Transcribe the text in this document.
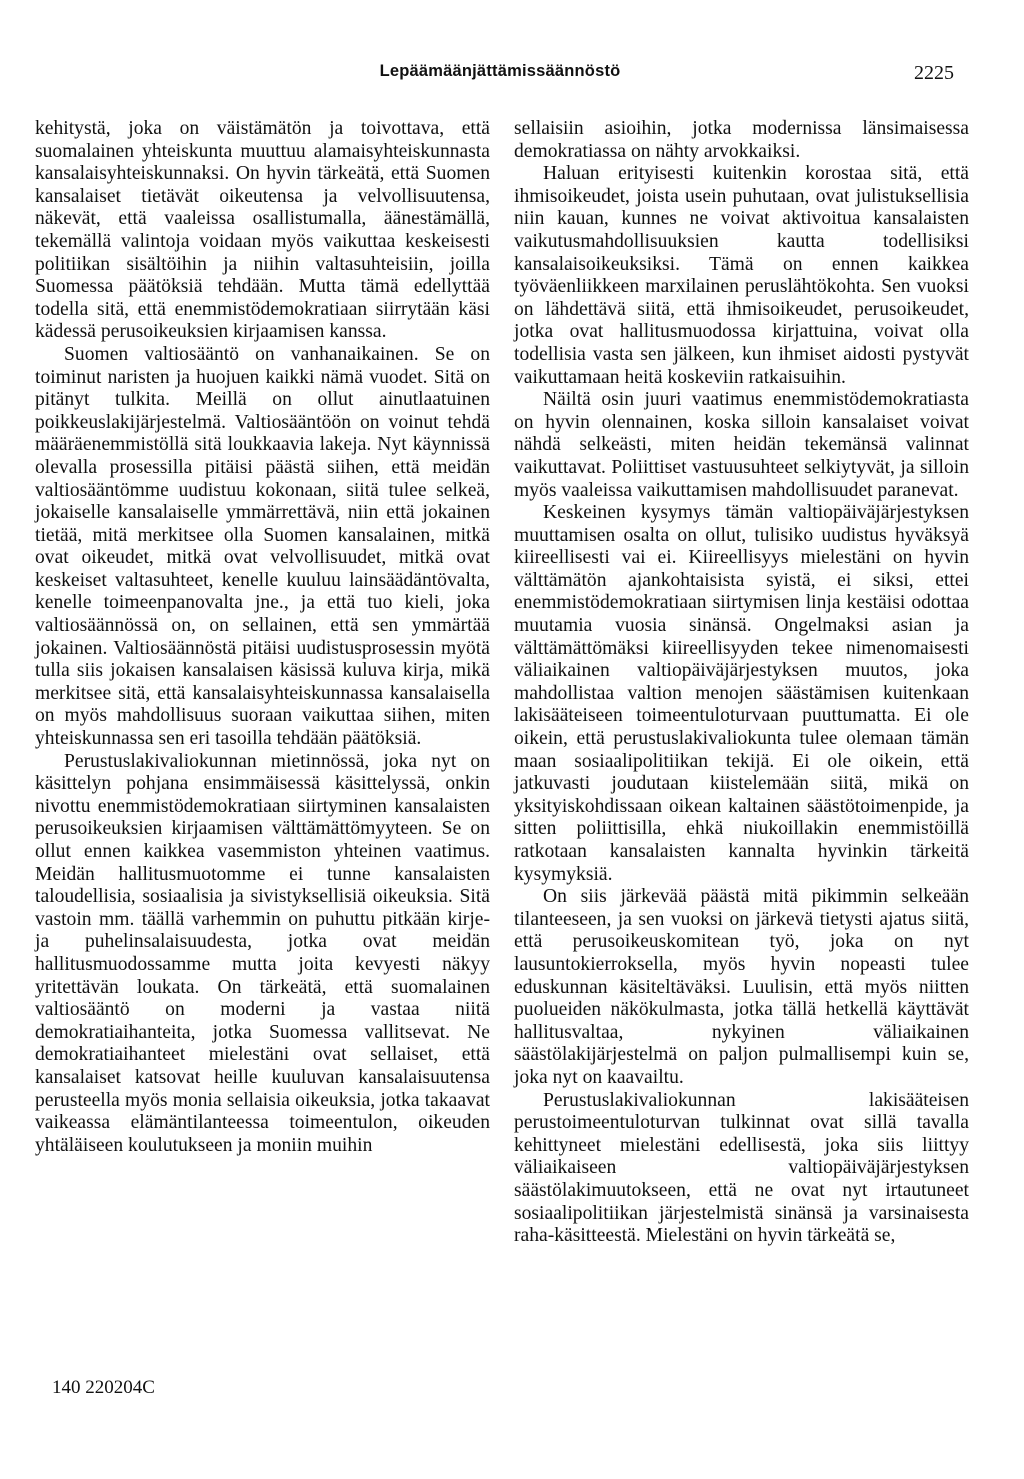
Lepäämäänjättämissäännöstö	2225

kehitystä, joka on väistämätön ja toivottava, että suomalainen yhteiskunta muuttuu alamaisyhteiskunnasta kansalaisyhteiskunnaksi. On hyvin tärkeätä, että Suomen kansalaiset tietävät oikeutensa ja velvollisuutensa, näkevät, että vaaleissa osallistumalla, äänestämällä, tekemällä valintoja voidaan myös vaikuttaa keskeisesti politiikan sisältöihin ja niihin valtasuhteisiin, joilla Suomessa päätöksiä tehdään. Mutta tämä edellyttää todella sitä, että enemmistödemokratiaan siirrytään käsi kädessä perusoikeuksien kirjaamisen kanssa.

Suomen valtiosääntö on vanhanaikainen. Se on toiminut naristen ja huojuen kaikki nämä vuodet. Sitä on pitänyt tulkita. Meillä on ollut ainutlaatuinen poikkeuslakijärjestelmä. Valtiosääntöön on voinut tehdä määräenemmistöllä sitä loukkaavia lakeja. Nyt käynnissä olevalla prosessilla pitäisi päästä siihen, että meidän valtiosääntömme uudistuu kokonaan, siitä tulee selkeä, jokaiselle kansalaiselle ymmärrettävä, niin että jokainen tietää, mitä merkitsee olla Suomen kansalainen, mitkä ovat oikeudet, mitkä ovat velvollisuudet, mitkä ovat keskeiset valtasuhteet, kenelle kuuluu lainsäädäntövalta, kenelle toimeenpanovalta jne., ja että tuo kieli, joka valtiosäännössä on, on sellainen, että sen ymmärtää jokainen. Valtiosäännöstä pitäisi uudistusprosessin myötä tulla siis jokaisen kansalaisen käsissä kuluva kirja, mikä merkitsee sitä, että kansalaisyhteiskunnassa kansalaisella on myös mahdollisuus suoraan vaikuttaa siihen, miten yhteiskunnassa sen eri tasoilla tehdään päätöksiä.

Perustuslakivaliokunnan mietinnössä, joka nyt on käsittelyn pohjana ensimmäisessä käsittelyssä, onkin nivottu enemmistödemokratiaan siirtyminen kansalaisten perusoikeuksien kirjaamisen välttämättömyyteen. Se on ollut ennen kaikkea vasemmiston yhteinen vaatimus. Meidän hallitusmuotomme ei tunne kansalaisten taloudellisia, sosiaalisia ja sivistyksellisiä oikeuksia. Sitä vastoin mm. täällä varhemmin on puhuttu pitkään kirje- ja puhelinsalaisuudesta, jotka ovat meidän hallitusmuodossamme mutta joita kevyesti näkyy yritettävän loukata. On tärkeätä, että suomalainen valtiosääntö on moderni ja vastaa niitä demokratiaihanteita, jotka Suomessa vallitsevat. Ne demokratiaihanteet mielestäni ovat sellaiset, että kansalaiset katsovat heille kuuluvan kansalaisuutensa perusteella myös monia sellaisia oikeuksia, jotka takaavat vaikeassa elämäntilanteessa toimeentulon, oikeuden yhtäläiseen koulutukseen ja moniin muihin

sellaisiin asioihin, jotka modernissa länsimaisessa demokratiassa on nähty arvokkaiksi.

Haluan erityisesti kuitenkin korostaa sitä, että ihmisoikeudet, joista usein puhutaan, ovat julistuksellisia niin kauan, kunnes ne voivat aktivoitua kansalaisten vaikutusmahdollisuuksien kautta todellisiksi kansalaisoikeuksiksi. Tämä on ennen kaikkea työväenliikkeen marxilainen peruslähtökohta. Sen vuoksi on lähdettävä siitä, että ihmisoikeudet, perusoikeudet, jotka ovat hallitusmuodossa kirjattuina, voivat olla todellisia vasta sen jälkeen, kun ihmiset aidosti pystyvät vaikuttamaan heitä koskeviin ratkaisuihin.

Näiltä osin juuri vaatimus enemmistödemokratiasta on hyvin olennainen, koska silloin kansalaiset voivat nähdä selkeästi, miten heidän tekemänsä valinnat vaikuttavat. Poliittiset vastuusuhteet selkiytyvät, ja silloin myös vaaleissa vaikuttamisen mahdollisuudet paranevat.

Keskeinen kysymys tämän valtiopäiväjärjestyksen muuttamisen osalta on ollut, tulisiko uudistus hyväksyä kiireellisesti vai ei. Kiireellisyys mielestäni on hyvin välttämätön ajankohtaisista syistä, ei siksi, ettei enemmistödemokratiaan siirtymisen linja kestäisi odottaa muutamia vuosia sinänsä. Ongelmaksi asian ja välttämättömäksi kiireellisyyden tekee nimenomaisesti väliaikainen valtiopäiväjärjestyksen muutos, joka mahdollistaa valtion menojen säästämisen kuitenkaan lakisääteiseen toimeentuloturvaan puuttumatta. Ei ole oikein, että perustuslakivaliokunta tulee olemaan tämän maan sosiaalipolitiikan tekijä. Ei ole oikein, että jatkuvasti joudutaan kiistelemään siitä, mikä on yksityiskohdissaan oikean kaltainen säästötoimenpide, ja sitten poliittisilla, ehkä niukoillakin enemmistöillä ratkotaan kansalaisten kannalta hyvinkin tärkeitä kysymyksiä.

On siis järkevää päästä mitä pikimmin selkeään tilanteeseen, ja sen vuoksi on järkevä tietysti ajatus siitä, että perusoikeuskomitean työ, joka on nyt lausuntokierroksella, myös hyvin nopeasti tulee eduskunnan käsiteltäväksi. Luulisin, että myös niitten puolueiden näkökulmasta, jotka tällä hetkellä käyttävät hallitusvaltaa, nykyinen väliaikainen säästölakijärjestelmä on paljon pulmallisempi kuin se, joka nyt on kaavailtu.

Perustuslakivaliokunnan lakisääteisen perustoimeentuloturvan tulkinnat ovat sillä tavalla kehittyneet mielestäni edellisestä, joka siis liittyy väliaikaiseen valtiopäiväjärjestyksen säästölakimuutokseen, että ne ovat nyt irtautuneet sosiaalipolitiikan järjestelmistä sinänsä ja varsinaisesta raha-käsitteestä. Mielestäni on hyvin tärkeätä se,

140 220204C
